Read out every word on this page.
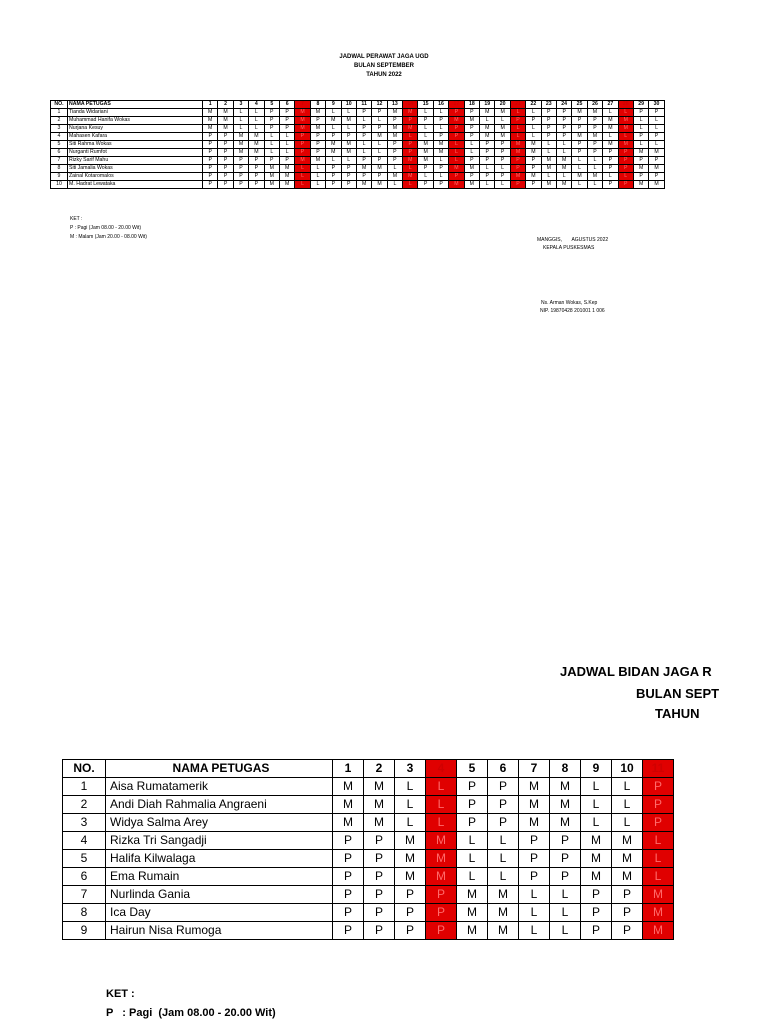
JADWAL PERAWAT JAGA UGD
BULAN SEPTEMBER
TAHUN 2022
NO.	NAMA PETUGAS	1	2	3	4	5	6	7	8	9	10	11	12	13	14	15	16	17	18	19	20	21	22	23	24	25	26	27	28	29	30
1	Tianda Widariani	M	M	L	L	P	P	M	M	L	L	P	P	M	M	L	L	P	P	M	M	L	L	P	P	M	M	L	L	P	P
2	Muhammad Hanifa Wokas	M	M	L	L	P	P	M	P	M	M	L	L	P	P	P	P	M	M	L	L	P	P	P	P	P	P	M	M	L	L
3	Nurjana Kesuy	M	M	L	L	P	P	M	M	L	L	P	P	M	M	L	L	P	P	M	M	L	L	P	P	P	P	M	M	L	L
4	Mahasen Kafara	P	P	M	M	L	L	P	P	P	P	P	M	M	L	L	P	P	P	M	M	L	L	P	P	M	M	L	L	P	P
5	Siti Rahma Wokas	P	P	M	M	L	L	P	P	M	M	L	L	P	P	M	M	L	L	P	P	M	M	L	L	P	P	M	M	L	L
6	Nurganti Rumfot	P	P	M	M	L	L	P	P	M	M	L	L	P	P	M	M	L	L	P	P	M	M	L	L	P	P	P	P	M	M
7	Rizky Sarif Mahu	P	P	P	P	P	P	M	M	L	L	P	P	P	M	M	L	L	P	P	P	P	P	M	M	L	L	P	P	P	P
8	Siti Jamalia Wokas	P	P	P	P	M	M	L	L	P	P	M	M	L	L	P	P	M	M	L	L	P	P	M	M	L	L	P	P	M	M
9	Zainal Kotaromalos	P	P	P	P	M	M	L	L	P	P	P	P	M	M	L	L	P	P	P	P	M	M	L	L	M	M	L	L	P	P
10	M. Hadrat Lewataka	P	P	P	P	M	M	L	L	P	P	M	M	L	L	P	P	M	M	L	L	P	P	M	M	L	L	P	P	M	M
KET :
P : Pagi (Jam 08.00 - 20.00 Wit)
M : Malam (Jam 20.00 - 08.00 Wit)	MANGGIS,       AGUSTUS 2022
KEPALA PUSKESMAS
Ns. Arman Wokas, S.Kep
NIP. 19870428 201001 1 006
JADWAL BIDAN JAGA R
BULAN SEPT
TAHUN
NO.	NAMA PETUGAS	1	2	3	4	5	6	7	8	9	10	11
1	Aisa Rumatamerik	M	M	L	L	P	P	M	M	L	L	P
2	Andi Diah Rahmalia Angraeni	M	M	L	L	P	P	M	M	L	L	P
3	Widya Salma Arey	M	M	L	L	P	P	M	M	L	L	P
4	Rizka Tri Sangadji	P	P	M	M	L	L	P	P	M	M	L
5	Halifa Kilwalaga	P	P	M	M	L	L	P	P	M	M	L
6	Ema Rumain	P	P	M	M	L	L	P	P	M	M	L
7	Nurlinda Gania	P	P	P	P	M	M	L	L	P	P	M
8	Ica Day	P	P	P	P	M	M	L	L	P	P	M
9	Hairun Nisa Rumoga	P	P	P	P	M	M	L	L	P	P	M
KET :
P   : Pagi  (Jam 08.00 - 20.00 Wit)
